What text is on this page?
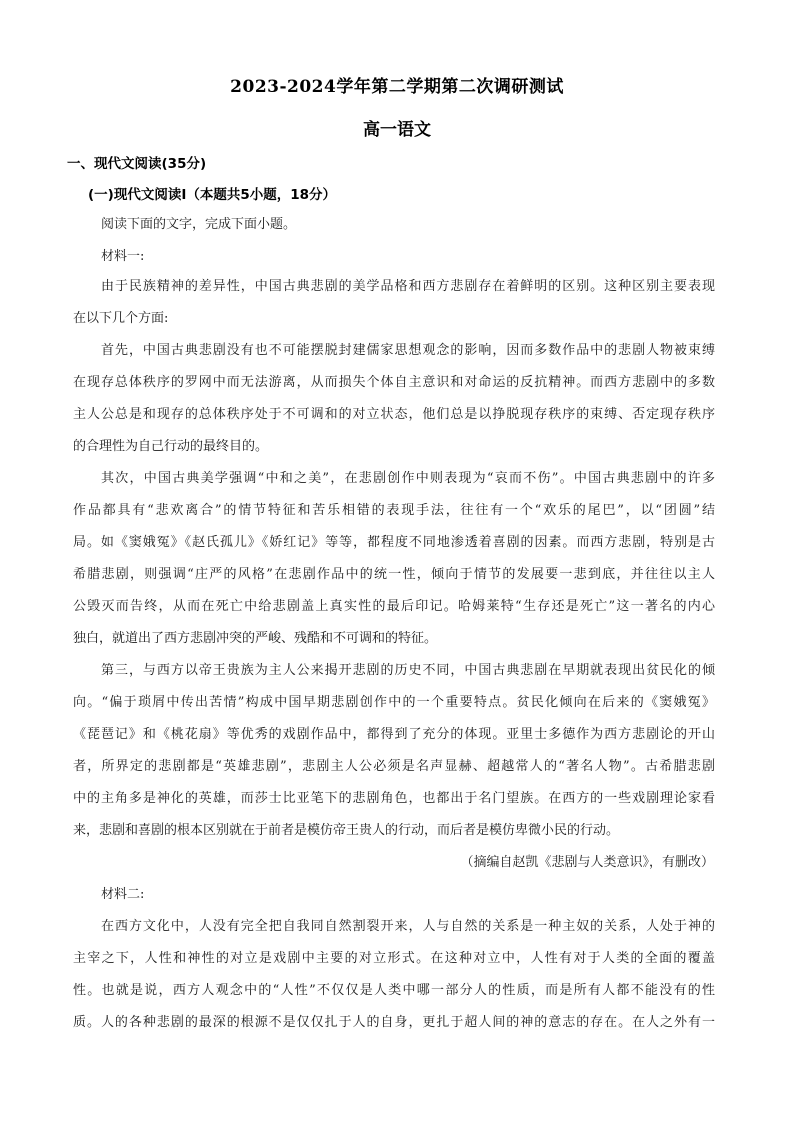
2023-2024学年第二学期第二次调研测试
高一语文
一、现代文阅读(35分)
(一)现代文阅读Ⅰ（本题共5小题，18分）
阅读下面的文字，完成下面小题。
材料一:
由于民族精神的差异性，中国古典悲剧的美学品格和西方悲剧存在着鲜明的区别。这种区别主要表现
在以下几个方面:
首先，中国古典悲剧没有也不可能摆脱封建儒家思想观念的影响，因而多数作品中的悲剧人物被束缚
在现存总体秩序的罗网中而无法游离，从而损失个体自主意识和对命运的反抗精神。而西方悲剧中的多数
主人公总是和现存的总体秩序处于不可调和的对立状态，他们总是以挣脱现存秩序的束缚、否定现存秩序
的合理性为自己行动的最终目的。
其次，中国古典美学强调“中和之美”，在悲剧创作中则表现为“哀而不伤”。中国古典悲剧中的许多
作品都具有“悲欢离合”的情节特征和苦乐相错的表现手法，往往有一个“欢乐的尾巴”，以“团圆”结
局。如《窦娥冤》《赵氏孤儿》《娇红记》等等，都程度不同地渗透着喜剧的因素。而西方悲剧，特别是古
希腊悲剧，则强调“庄严的风格”在悲剧作品中的统一性，倾向于情节的发展要一悲到底，并往往以主人
公毁灭而告终，从而在死亡中给悲剧盖上真实性的最后印记。哈姆莱特“生存还是死亡”这一著名的内心
独白，就道出了西方悲剧冲突的严峻、残酷和不可调和的特征。
第三，与西方以帝王贵族为主人公来揭开悲剧的历史不同，中国古典悲剧在早期就表现出贫民化的倾
向。“偏于琐屑中传出苦情”构成中国早期悲剧创作中的一个重要特点。贫民化倾向在后来的《窦娥冤》
《琵琶记》和《桃花扇》等优秀的戏剧作品中，都得到了充分的体现。亚里士多德作为西方悲剧论的开山
者，所界定的悲剧都是“英雄悲剧”，悲剧主人公必须是名声显赫、超越常人的“著名人物”。古希腊悲剧
中的主角多是神化的英雄，而莎士比亚笔下的悲剧角色，也都出于名门望族。在西方的一些戏剧理论家看
来，悲剧和喜剧的根本区别就在于前者是模仿帝王贵人的行动，而后者是模仿卑微小民的行动。
（摘编自赵凯《悲剧与人类意识》，有删改）
材料二:
在西方文化中，人没有完全把自我同自然割裂开来，人与自然的关系是一种主奴的关系，人处于神的
主宰之下，人性和神性的对立是戏剧中主要的对立形式。在这种对立中，人性有对于人类的全面的覆盖
性。也就是说，西方人观念中的“人性”不仅仅是人类中哪一部分人的性质，而是所有人都不能没有的性
质。人的各种悲剧的最深的根源不是仅仅扎于人的自身，更扎于超人间的神的意志的存在。在人之外有一
